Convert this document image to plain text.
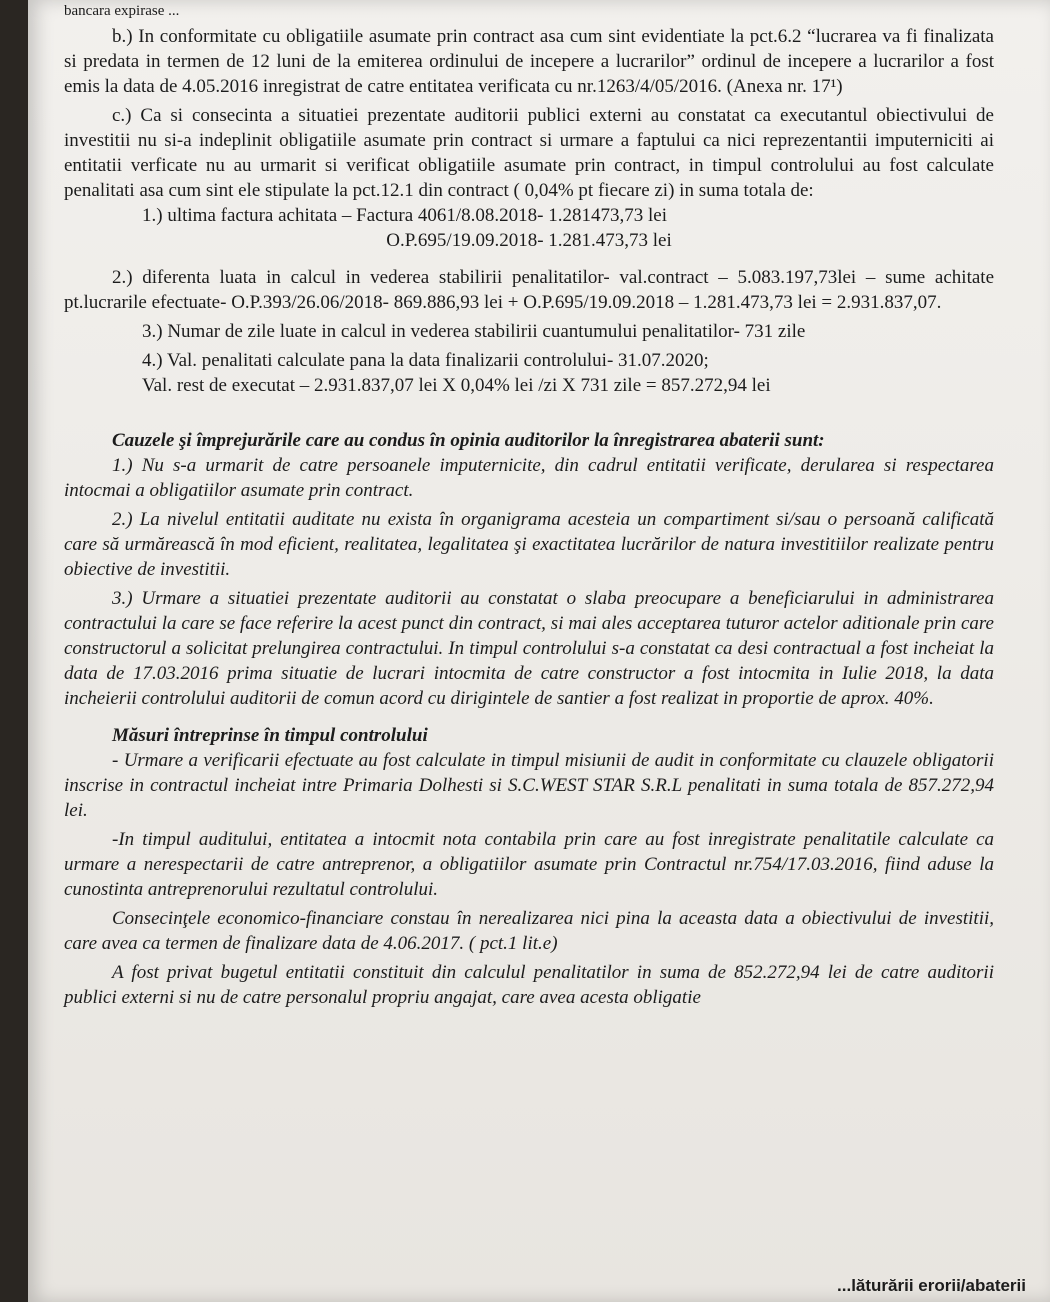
bancara expirase ...

b.) In conformitate cu obligatiile asumate prin contract asa cum sint evidentiate la pct.6.2 “lucrarea va fi finalizata si predata in termen de 12 luni de la emiterea ordinului de incepere a lucrarilor” ordinul de incepere a lucrarilor a fost emis la data de 4.05.2016 inregistrat de catre entitatea verificata cu nr.1263/4/05/2016. (Anexa nr. 17¹)

c.) Ca si consecinta a situatiei prezentate auditorii publici externi au constatat ca executantul obiectivului de investitii nu si-a indeplinit obligatiile asumate prin contract si urmare a faptului ca nici reprezentantii imputerniciti ai entitatii verficate nu au urmarit si verificat obligatiile asumate prin contract, in timpul controlului au fost calculate penalitati asa cum sint ele stipulate la pct.12.1 din contract ( 0,04% pt fiecare zi) in suma totala de:

1.) ultima factura achitata – Factura 4061/8.08.2018- 1.281473,73 lei

O.P.695/19.09.2018- 1.281.473,73 lei

2.) diferenta luata in calcul in vederea stabilirii penalitatilor- val.contract – 5.083.197,73lei – sume achitate pt.lucrarile efectuate- O.P.393/26.06/2018- 869.886,93 lei + O.P.695/19.09.2018 – 1.281.473,73 lei = 2.931.837,07.

3.) Numar de zile luate in calcul in vederea stabilirii cuantumului penalitatilor- 731 zile

4.) Val. penalitati calculate pana la data finalizarii controlului- 31.07.2020;

Val. rest de executat – 2.931.837,07 lei X 0,04% lei /zi X 731 zile = 857.272,94 lei

Cauzele şi împrejurările care au condus în opinia auditorilor la înregistrarea abaterii sunt:

1.) Nu s-a urmarit de catre persoanele imputernicite, din cadrul entitatii verificate, derularea si respectarea intocmai a obligatiilor asumate prin contract.

2.) La nivelul entitatii auditate nu exista în organigrama acesteia un compartiment si/sau o persoană calificată care să urmărească în mod eficient, realitatea, legalitatea şi exactitatea lucrărilor de natura investitiilor realizate pentru obiective de investitii.

3.) Urmare a situatiei prezentate auditorii au constatat o slaba preocupare a beneficiarului in administrarea contractului la care se face referire la acest punct din contract, si mai ales acceptarea tuturor actelor aditionale prin care constructorul a solicitat prelungirea contractului. In timpul controlului s-a constatat ca desi contractual a fost incheiat la data de 17.03.2016 prima situatie de lucrari intocmita de catre constructor a fost intocmita in Iulie 2018, la data incheierii controlului auditorii de comun acord cu dirigintele de santier a fost realizat in proportie de aprox. 40%.

Măsuri întreprinse în timpul controlului

- Urmare a verificarii efectuate au fost calculate in timpul misiunii de audit in conformitate cu clauzele obligatorii inscrise in contractul incheiat intre Primaria Dolhesti si S.C.WEST STAR S.R.L penalitati in suma totala de 857.272,94 lei.

-In timpul auditului, entitatea a intocmit nota contabila prin care au fost inregistrate penalitatile calculate ca urmare a nerespectarii de catre antreprenor, a obligatiilor asumate prin Contractul nr.754/17.03.2016, fiind aduse la cunostinta antreprenorului rezultatul controlului.

Consecinţele economico-financiare constau în nerealizarea nici pina la aceasta data a obiectivului de investitii, care avea ca termen de finalizare data de 4.06.2017. ( pct.1 lit.e)

A fost privat bugetul entitatii constituit din calculul penalitatilor in suma de 852.272,94 lei de catre auditorii publici externi si nu de catre personalul propriu angajat, care avea acesta obligatie

...lăturării erorii/abaterii
